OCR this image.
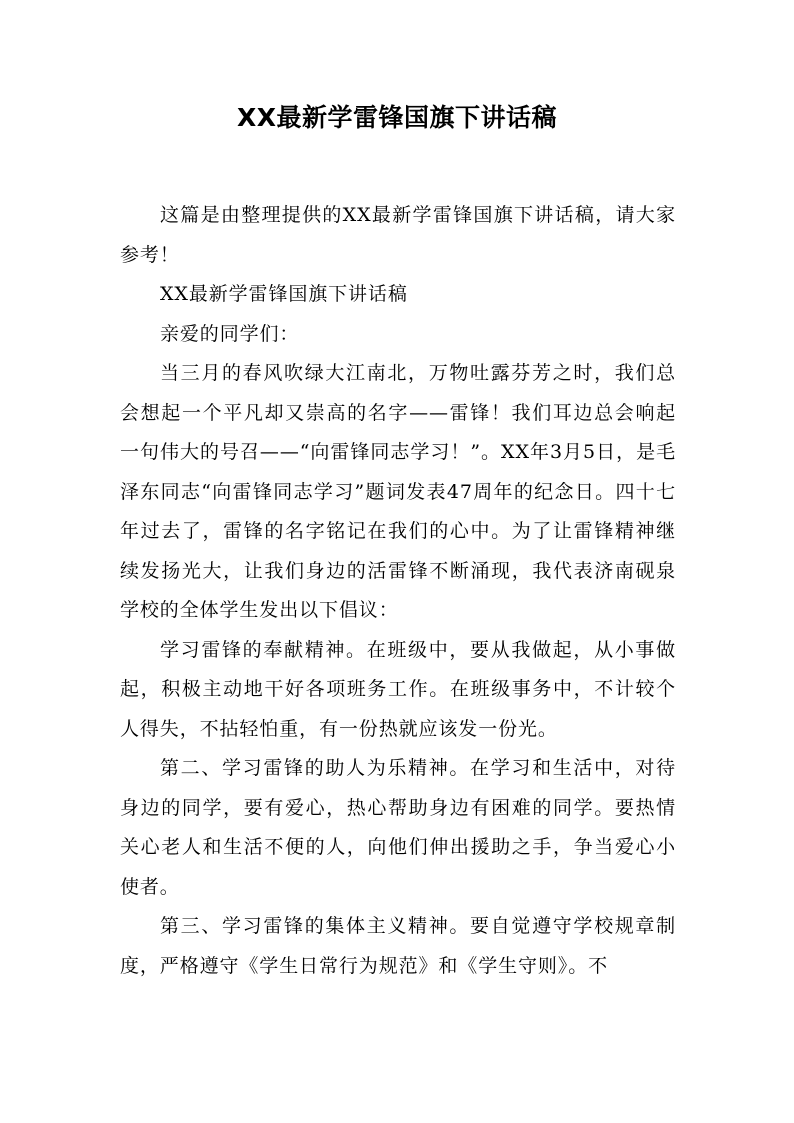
XX最新学雷锋国旗下讲话稿

这篇是由整理提供的XX最新学雷锋国旗下讲话稿，请大家参考！

XX最新学雷锋国旗下讲话稿

亲爱的同学们：

当三月的春风吹绿大江南北，万物吐露芬芳之时，我们总会想起一个平凡却又崇高的名字——雷锋！我们耳边总会响起一句伟大的号召——“向雷锋同志学习！”。XX年3月5日，是毛泽东同志“向雷锋同志学习”题词发表47周年的纪念日。四十七年过去了，雷锋的名字铭记在我们的心中。为了让雷锋精神继续发扬光大，让我们身边的活雷锋不断涌现，我代表济南砚泉学校的全体学生发出以下倡议：

学习雷锋的奉献精神。在班级中，要从我做起，从小事做起，积极主动地干好各项班务工作。在班级事务中，不计较个人得失，不拈轻怕重，有一份热就应该发一份光。

第二、学习雷锋的助人为乐精神。在学习和生活中，对待身边的同学，要有爱心，热心帮助身边有困难的同学。要热情关心老人和生活不便的人，向他们伸出援助之手，争当爱心小使者。

第三、学习雷锋的集体主义精神。要自觉遵守学校规章制度，严格遵守《学生日常行为规范》和《学生守则》。不
